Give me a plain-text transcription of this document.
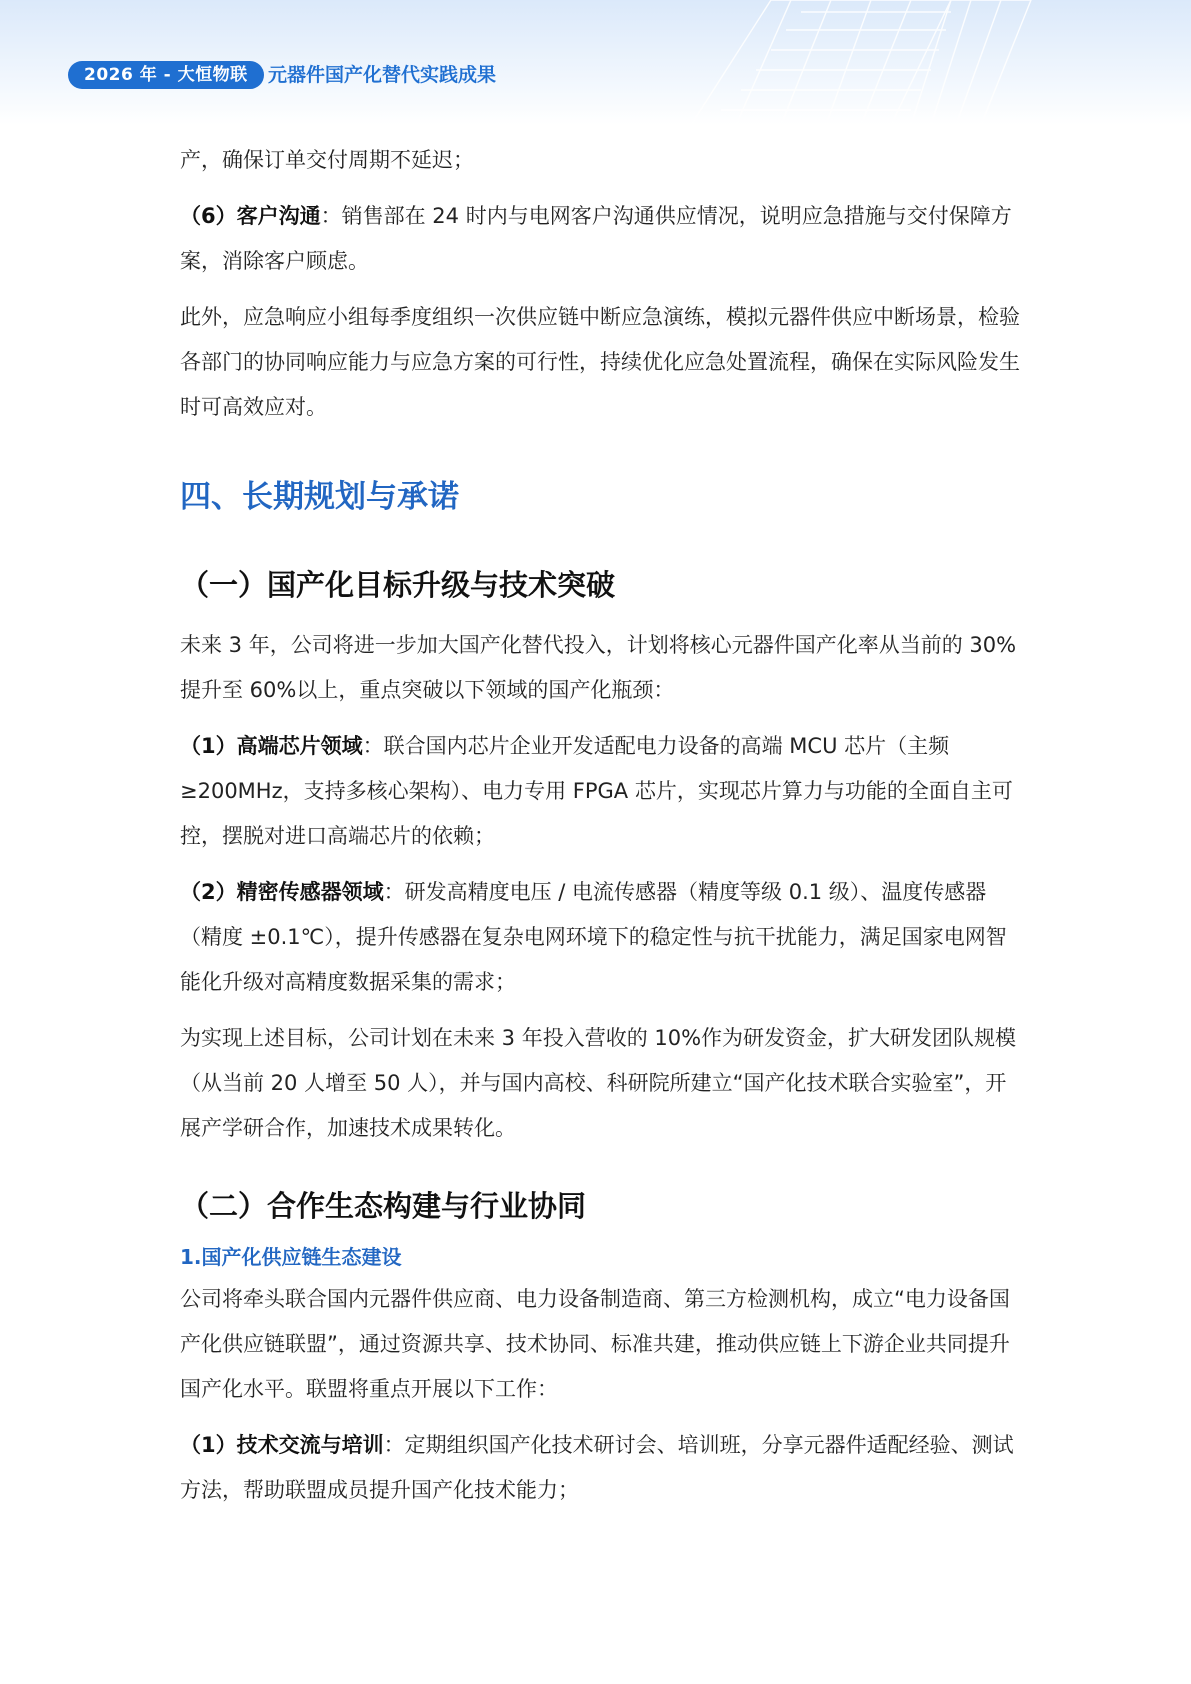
2026 年 - 大恒物联	元器件国产化替代实践成果

产，确保订单交付周期不延迟；

（6）客户沟通：销售部在 24 时内与电网客户沟通供应情况，说明应急措施与交付保障方案，消除客户顾虑。

此外，应急响应小组每季度组织一次供应链中断应急演练，模拟元器件供应中断场景，检验各部门的协同响应能力与应急方案的可行性，持续优化应急处置流程，确保在实际风险发生时可高效应对。

四、长期规划与承诺
（一）国产化目标升级与技术突破

未来 3 年，公司将进一步加大国产化替代投入，计划将核心元器件国产化率从当前的 30%提升至 60%以上，重点突破以下领域的国产化瓶颈：

（1）高端芯片领域：联合国内芯片企业开发适配电力设备的高端 MCU 芯片（主频≥200MHz，支持多核心架构）、电力专用 FPGA 芯片，实现芯片算力与功能的全面自主可控，摆脱对进口高端芯片的依赖；

（2）精密传感器领域：研发高精度电压 / 电流传感器（精度等级 0.1 级）、温度传感器（精度 ±0.1℃），提升传感器在复杂电网环境下的稳定性与抗干扰能力，满足国家电网智能化升级对高精度数据采集的需求；

为实现上述目标，公司计划在未来 3 年投入营收的 10%作为研发资金，扩大研发团队规模（从当前 20 人增至 50 人），并与国内高校、科研院所建立“国产化技术联合实验室”，开展产学研合作，加速技术成果转化。

（二）合作生态构建与行业协同
1.国产化供应链生态建设

公司将牵头联合国内元器件供应商、电力设备制造商、第三方检测机构，成立“电力设备国产化供应链联盟”，通过资源共享、技术协同、标准共建，推动供应链上下游企业共同提升国产化水平。联盟将重点开展以下工作：

（1）技术交流与培训：定期组织国产化技术研讨会、培训班，分享元器件适配经验、测试方法，帮助联盟成员提升国产化技术能力；
